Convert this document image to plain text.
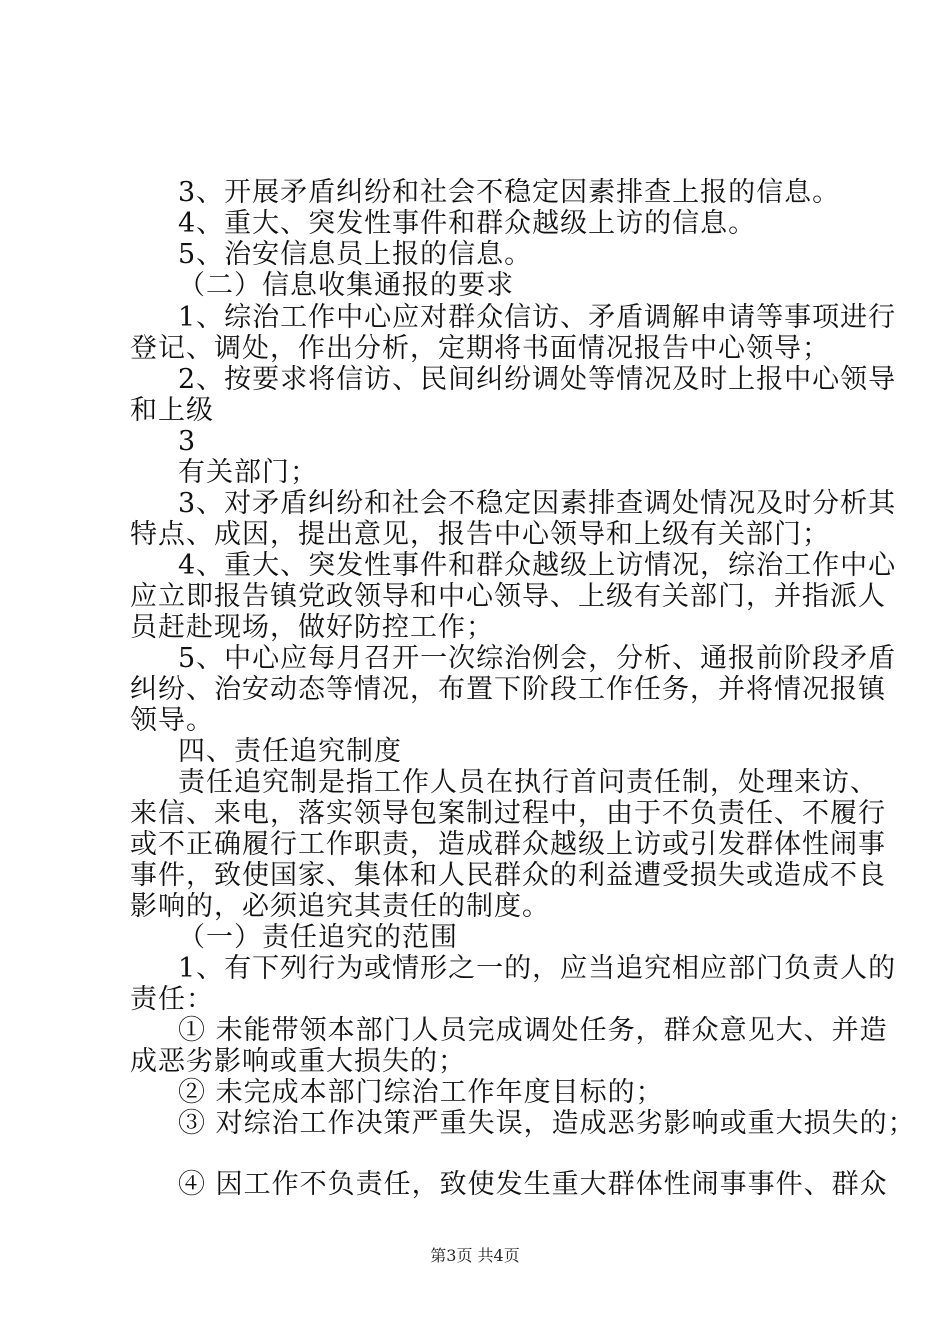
3、开展矛盾纠纷和社会不稳定因素排查上报的信息。
4、重大、突发性事件和群众越级上访的信息。
5、治安信息员上报的信息。
（二）信息收集通报的要求
1、综治工作中心应对群众信访、矛盾调解申请等事项进行
登记、调处，作出分析，定期将书面情况报告中心领导；
2、按要求将信访、民间纠纷调处等情况及时上报中心领导
和上级
3
有关部门；
3、对矛盾纠纷和社会不稳定因素排查调处情况及时分析其
特点、成因，提出意见，报告中心领导和上级有关部门；
4、重大、突发性事件和群众越级上访情况，综治工作中心
应立即报告镇党政领导和中心领导、上级有关部门，并指派人
员赶赴现场，做好防控工作；
5、中心应每月召开一次综治例会，分析、通报前阶段矛盾
纠纷、治安动态等情况，布置下阶段工作任务，并将情况报镇
领导。
四、责任追究制度
责任追究制是指工作人员在执行首问责任制，处理来访、
来信、来电，落实领导包案制过程中，由于不负责任、不履行
或不正确履行工作职责，造成群众越级上访或引发群体性闹事
事件，致使国家、集体和人民群众的利益遭受损失或造成不良
影响的，必须追究其责任的制度。
（一）责任追究的范围
1、有下列行为或情形之一的，应当追究相应部门负责人的
责任：
① 未能带领本部门人员完成调处任务，群众意见大、并造
成恶劣影响或重大损失的；
② 未完成本部门综治工作年度目标的；
③ 对综治工作决策严重失误，造成恶劣影响或重大损失的；
④ 因工作不负责任，致使发生重大群体性闹事事件、群众
第3页 共4页
